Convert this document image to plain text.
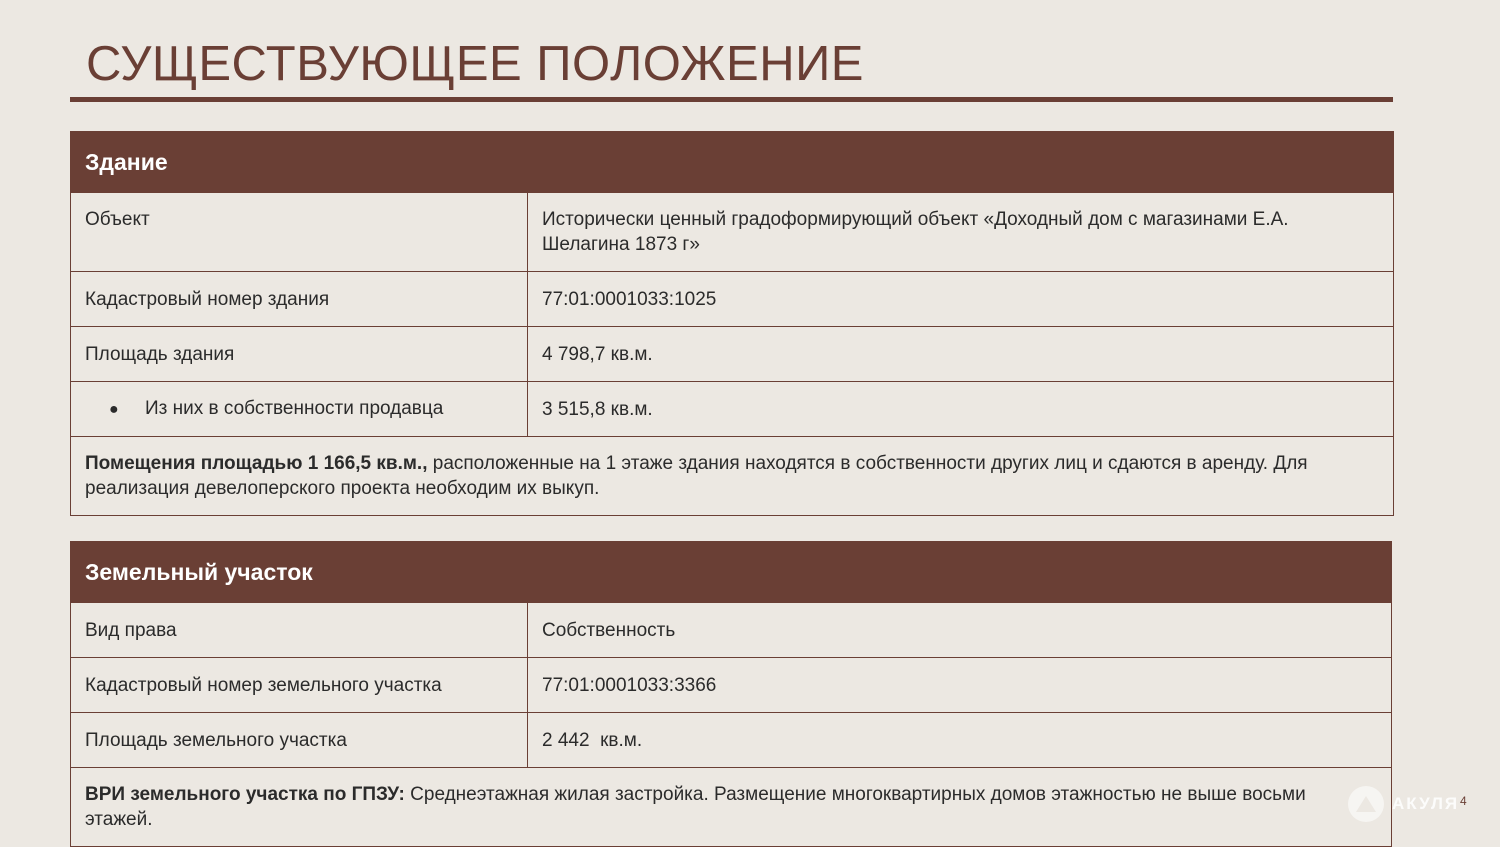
СУЩЕСТВУЮЩЕЕ ПОЛОЖЕНИЕ
Здание	
Объект	Исторически ценный градоформирующий объект «Доходный дом с магазинами Е.А. Шелагина 1873 г»
Кадастровый номер здания	77:01:0001033:1025
Площадь здания	4 798,7 кв.м.
● Из них в собственности продавца	3 515,8 кв.м.
Помещения площадью 1 166,5 кв.м., расположенные на 1 этаже здания находятся в собственности других лиц и сдаются в аренду. Для реализация девелоперского проекта необходим их выкуп.	
Земельный участок	
Вид права	Собственность
Кадастровый номер земельного участка	77:01:0001033:3366
Площадь земельного участка	2 442  кв.м.
ВРИ земельного участка по ГПЗУ: Среднеэтажная жилая застройка. Размещение многоквартирных домов этажностью не выше восьми этажей.	
АКУЛЯ 4
